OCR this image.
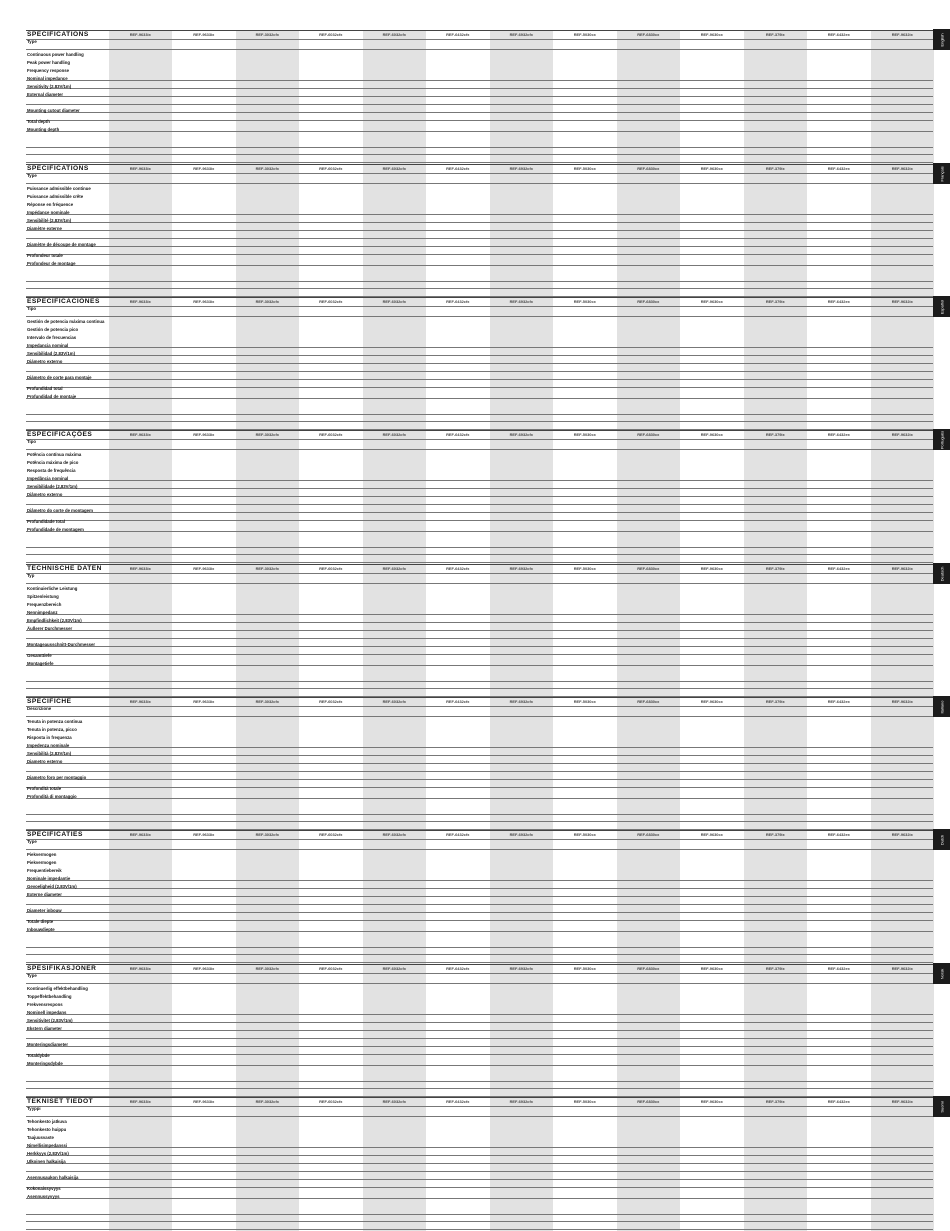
SPECIFICATIONS	REF-9633ix	REF-9633ix	REF-3032cfx	REF-6032cfx	REF-6032cfx	REF-6432cfx	REF-6932cfx	REF-5030cx	REF-6830cx	REF-9630cx	REF-379ix	REF-6432ex	REF-9632ix
Type
Continuous power handling
Peak power handling
Frequency response
Nominal impedance
Sensitivity (2.83V/1m)
External diameter
Mounting cutout diameter
Total depth
Mounting depth
English
SPECIFICATIONS	REF-9633ix	REF-9633ix	REF-3032cfx	REF-6032cfx	REF-6032cfx	REF-6432cfx	REF-6932cfx	REF-5030cx	REF-6830cx	REF-9630cx	REF-379ix	REF-6432ex	REF-9632ix
Type
Puissance admissible continue
Puissance admissible crête
Réponse en fréquence
Impédance nominale
Sensibilité (2,83V/1m)
Diamètre externe
Diamètre de découpe de montage
Profondeur totale
Profondeur de montage
Français
ESPECIFICACIONES	REF-9633ix	REF-9633ix	REF-3032cfx	REF-6032cfx	REF-6032cfx	REF-6432cfx	REF-6932cfx	REF-5030cx	REF-6830cx	REF-9630cx	REF-379ix	REF-6432ex	REF-9632ix
Tipo
Gestión de potencia máxima continua
Gestión de potencia pico
Intervalo de frecuencias
Impedancia nominal
Sensibilidad (2,83V/1m)
Diámetro externo
Diámetro de corte para montaje
Profundidad total
Profundidad de montaje
Español
ESPECIFICAÇÕES	REF-9633ix	REF-9633ix	REF-3032cfx	REF-6032cfx	REF-6032cfx	REF-6432cfx	REF-6932cfx	REF-5030cx	REF-6830cx	REF-9630cx	REF-379ix	REF-6432ex	REF-9632ix
Tipo
Potência contínua máxima
Potência máxima de pico
Resposta de frequência
Impedância nominal
Sensibilidade (2,83V/1m)
Diâmetro externo
Diâmetro do corte de montagem
Profundidade total
Profundidade de montagem
Português
TECHNISCHE DATEN	REF-9633ix	REF-9633ix	REF-3032cfx	REF-6032cfx	REF-6032cfx	REF-6432cfx	REF-6932cfx	REF-5030cx	REF-6830cx	REF-9630cx	REF-379ix	REF-6432ex	REF-9632ix
Typ
Kontinuierliche Leistung
Spitzenleistung
Frequenzbereich
Nennimpedanz
Empfindlichkeit (2,83V/1m)
Äußerer Durchmesser
Montageausschnitt-Durchmesser
Gesamttiefe
Montagetiefe
Deutsch
SPECIFICHE	REF-9633ix	REF-9633ix	REF-3032cfx	REF-6032cfx	REF-6032cfx	REF-6432cfx	REF-6932cfx	REF-5030cx	REF-6830cx	REF-9630cx	REF-379ix	REF-6432ex	REF-9632ix
Descrizione
Tenuta in potenza continua
Tenuta in potenza, picco
Risposta in frequenza
Impedenza nominale
Sensibilità (2,83V/1m)
Diametro esterno
Diametro foro per montaggio
Profondità totale
Profondità di montaggio
Italiano
SPECIFICATIES	REF-9633ix	REF-9633ix	REF-3032cfx	REF-6032cfx	REF-6032cfx	REF-6432cfx	REF-6932cfx	REF-5030cx	REF-6830cx	REF-9630cx	REF-379ix	REF-6432ex	REF-9632ix
Type
Piekvermogen
Piekvermogen
Frequentiebereik
Nominale impedantie
Gevoeligheid (2,83V/1m)
Externe diameter
Diameter inbouw
Totale diepte
Inbouwdiepte
Dutch
SPESIFIKASJONER	REF-9633ix	REF-9633ix	REF-3032cfx	REF-6032cfx	REF-6032cfx	REF-6432cfx	REF-6932cfx	REF-5030cx	REF-6830cx	REF-9630cx	REF-379ix	REF-6432ex	REF-9632ix
Type
Kontinuerlig effektbehandling
Toppeffektbehandling
Frekvensrespons
Nominell impedans
Sensitivitet (2,83V/1m)
Ekstern diameter
Monteringsdiameter
Totaldybde
Monteringsdybde
Norsk
TEKNISET TIEDOT	REF-9633ix	REF-9633ix	REF-3032cfx	REF-6032cfx	REF-6032cfx	REF-6432cfx	REF-6932cfx	REF-5030cx	REF-6830cx	REF-9630cx	REF-379ix	REF-6432ex	REF-9632ix
Tyyppi
Tehonkesto jatkuva
Tehonkesto huippu
Taajuusvaste
Nimellisimpedanssi
Herkkyys (2,83V/1m)
Ulkoinen halkaisija
Asennusaukon halkaisija
Kokonaissyvyys
Asennussyvyys
Suomi
